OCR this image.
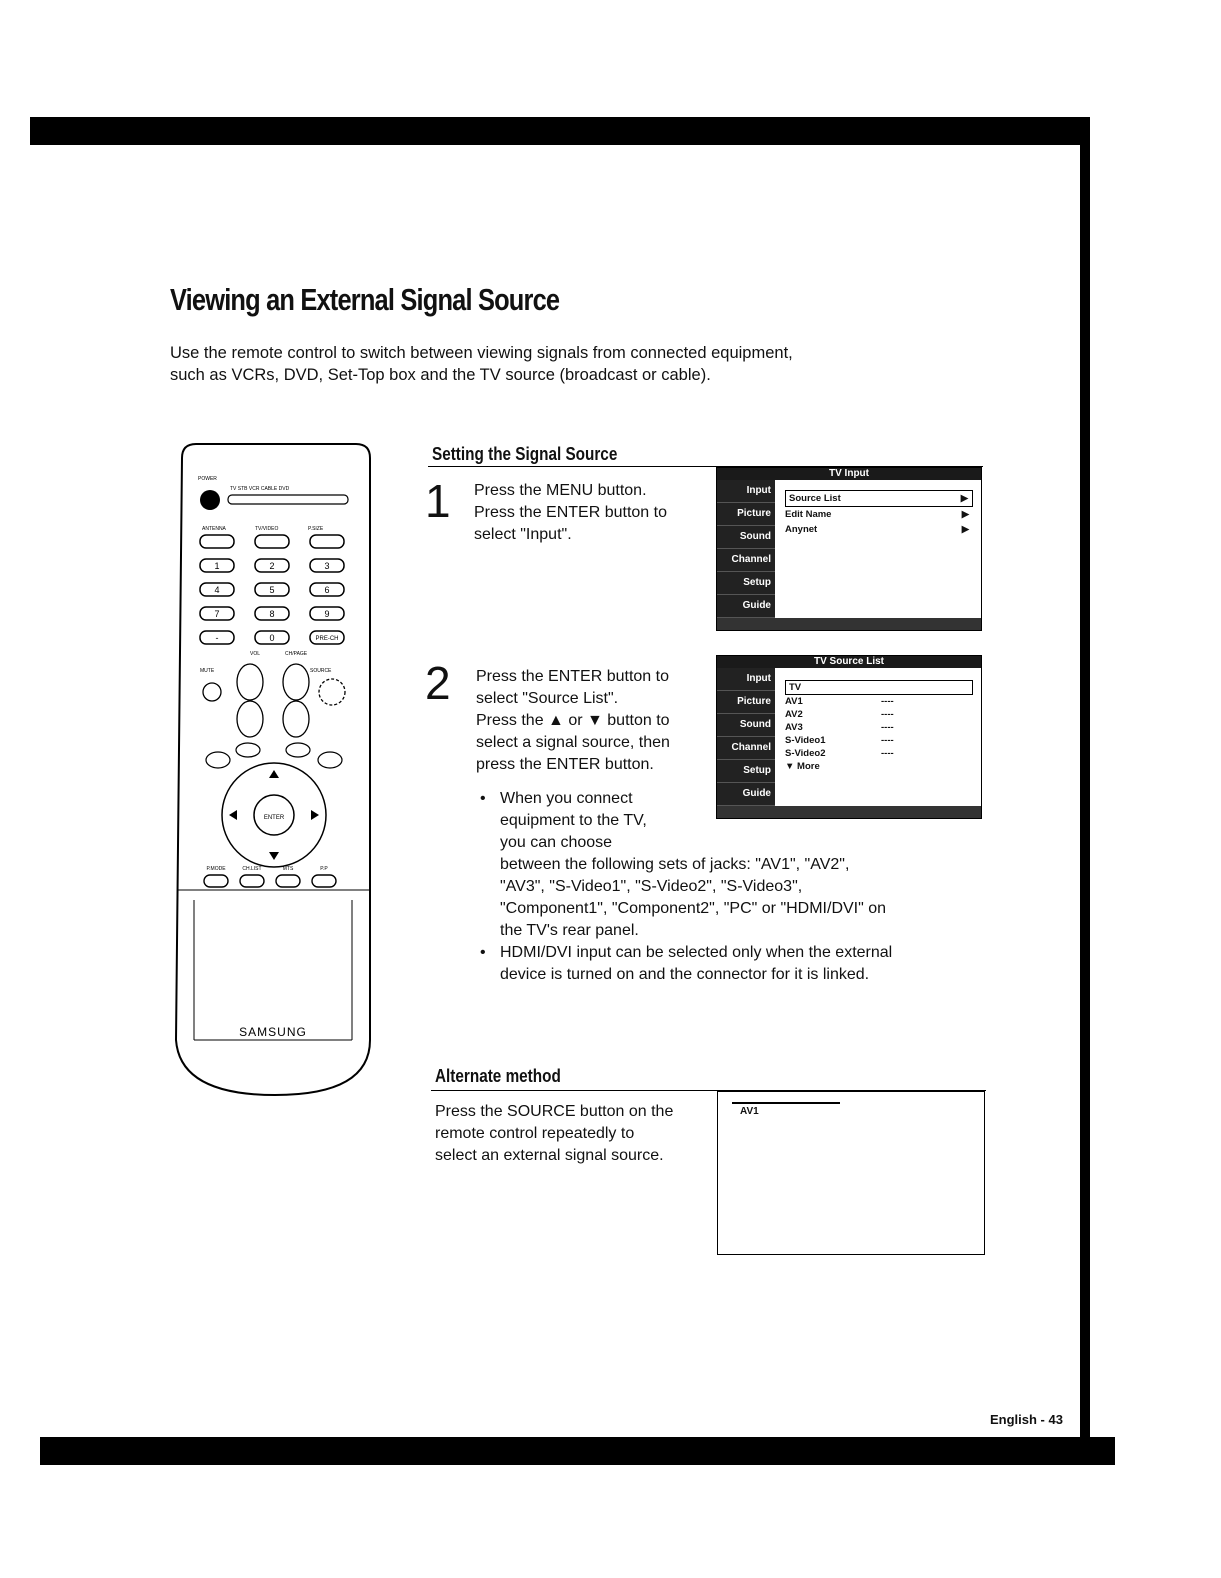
Viewing an External Signal Source
Use the remote control to switch between viewing signals from connected equipment,
such as VCRs, DVD, Set-Top box and the TV source (broadcast or cable).
POWER
TV STB VCR CABLE DVD
ANTENNA	TV/VIDEO	P.SIZE
1	2	3
4	5	6
7	8	9
-	0	PRE-CH
VOL	CH/PAGE
MUTE	SOURCE
ENTER
P.MODE	CH.LIST	MTS	P.P
SAMSUNG
Setting the Signal Source
1 Press the MENU button.
Press the ENTER button to
select "Input".
TV Input
Input
Picture
Sound
Channel
Setup
Guide
Source List	▶
Edit Name	▶
Anynet	▶
2 Press the ENTER button to
select "Source List".
Press the ▲ or ▼ button to
select a signal source, then
press the ENTER button.
TV Source List
Input
Picture
Sound
Channel
Setup
Guide
TV
AV1	----
AV2	----
AV3	----
S-Video1	----
S-Video2	----
▼ More
• When you connect
equipment to the TV,
you can choose
between the following sets of jacks: "AV1", "AV2",
"AV3", "S-Video1", "S-Video2", "S-Video3",
"Component1", "Component2", "PC" or "HDMI/DVI" on
the TV's rear panel.
• HDMI/DVI input can be selected only when the external
device is turned on and the connector for it is linked.
Alternate method
Press the SOURCE button on the
remote control repeatedly to
select an external signal source.
AV1
English - 43
